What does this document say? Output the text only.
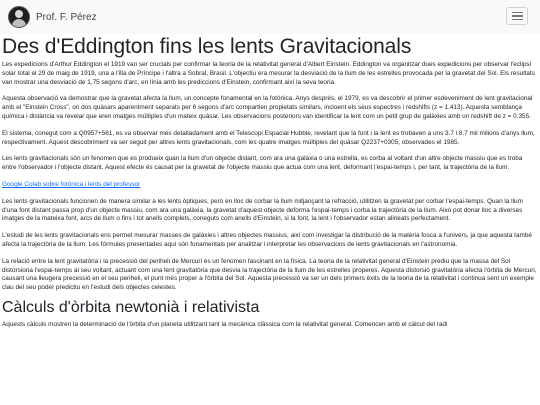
Prof. F. Pérez
Des d'Eddington fins les lents Gravitacionals

Les expedicions d'Arthur Eddington el 1919 van ser crucials per confirmar la teoria de la relativitat general d'Albert Einstein. Eddington va organitzar dues expedicions per observar l'eclipsi solar total el 29 de maig de 1919, una a l'illa de Príncipe i l'altra a Sobral, Brasil. L'objectiu era mesurar la desviació de la llum de les estrelles provocada per la gravetat del Sol. Els resultats van mostrar una desviació de 1,75 segons d'arc, en línia amb les prediccions d'Einstein, confirmant així la seva teoria.

Aquesta observació va demostrar que la gravetat afecta la llum, un concepte fonamental en la fotònica. Anys després, el 1979, es va descobrir el primer esdeveniment de lent gravitacional amb el "Einstein Cross", on dos quàsars aparentment separats per 6 segons d'arc compartien propietats similars, incloent els seus espectres i redshifts (z = 1.413). Aquesta semblança química i distància va revelar que eren imatges múltiples d'un mateix quàsar. Les observacions posteriors van identificar la lent com un petit grup de galàxies amb un redshift de z = 0.355.

El sistema, conegut com a Q0957+561, es va observar més detalladament amb el Telescopi Espacial Hubble, revelant que la font i la lent es trobaven a uns 3.7 i 8.7 mil milions d'anys llum, respectivament. Aquest descobriment va ser seguit per altres lents gravitacionals, com les quatre imatges múltiples del quàsar Q2237+0305, observades el 1985.

Les lents gravitacionals són un fenomen que es produeix quan la llum d'un objecte distant, com ara una galàxia o una estrella, es corba al voltant d'un altre objecte massiu que es troba entre l'observador i l'objecte distant. Aquest efecte és causat per la gravetat de l'objecte massiu que actua com una lent, deformant l'espai-temps i, per tant, la trajectòria de la llum.

Google Colab sobre fotònica i lents del professor

Les lents gravitacionals funcionen de manera similar a les lents òptiques, però en lloc de corbar la llum mitjançant la refracció, utilitzen la gravetat per corbar l'espai-temps. Quan la llum d'una font distant passa prop d'un objecte massiu, com ara una galàxia, la gravetat d'aquest objecte deforma l'espai-temps i corba la trajectòria de la llum. Això pot donar lloc a diverses imatges de la mateixa font, arcs de llum o fins i tot anells complets, coneguts com anells d'Einstein, si la font, la lent i l'observador estan alineats perfectament.

L'estudi de les lents gravitacionals ens permet mesurar masses de galàxies i altres objectes massius, així com investigar la distribució de la matèria fosca a l'univers, ja que aquesta també afecta la trajectòria de la llum. Les fórmules presentades aquí són fonamentals per analitzar i interpretar les observacions de lents gravitacionals en l'astronomia.

La relació entre la lent gravitatòria i la precessió del periheli de Mercuri és un fenomen fascinant en la física. La teoria de la relativitat general d'Einstein prediu que la massa del Sol distorsiona l'espai-temps al seu voltant, actuant com una lent gravitatòria que desvia la trajectòria de la llum de les estrelles properes. Aquesta distorsió gravitatòria afecta l'òrbita de Mercuri, causant una lleugera precessió en el seu periheli, el punt més proper a l'òrbita del Sol. Aquesta precessió va ser un dels primers èxits de la teoria de la relativitat i continua sent un exemple clau del seu poder predictiu en l'estudi dels objectes celestes.

Càlculs d'òrbita newtonià i relativista

Aquests càlculs mostren la determinació de l'òrbita d'un planeta utilitzant tant la mecànica clàssica com la relativitat general. Comencen amb el càlcul del radi
